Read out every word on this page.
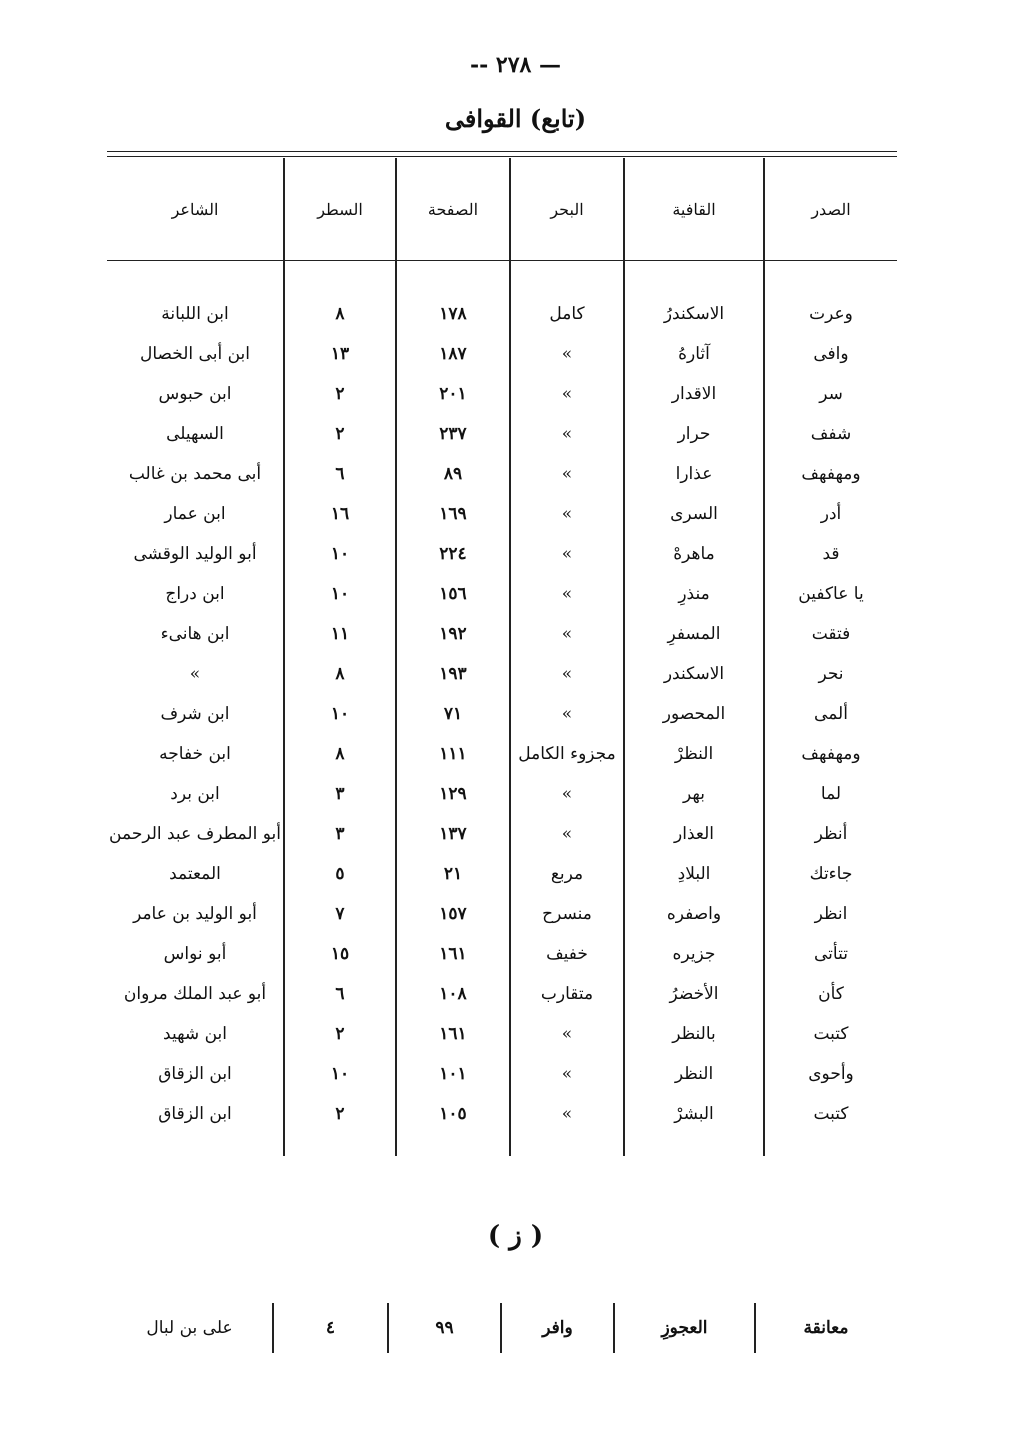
— ٢٧٨ --
(تابع) القوافى
الصدر
القافية
البحر
الصفحة
السطر
الشاعر
وعرت
الاسكندرُ
كامل
١٧٨
٨
ابن اللبانة
وافى
آثارهُ
»
١٨٧
١٣
ابن أبى الخصال
سر
الاقدار
»
٢٠١
٢
ابن حبوس
شفف
حرار
»
٢٣٧
٢
السهيلى
ومهفهف
عذارا
»
٨٩
٦
أبى محمد بن غالب
أدر
السرى
»
١٦٩
١٦
ابن عمار
قد
ماهرهْ
»
٢٢٤
١٠
أبو الوليد الوقشى
يا عاكفين
منذرِ
»
١٥٦
١٠
ابن دراج
فتقت
المسفرِ
»
١٩٢
١١
ابن هانىء
نحر
الاسكندر
»
١٩٣
٨
»
ألمى
المحصور
»
٧١
١٠
ابن شرف
ومهفهف
النظرْ
مجزوء الكامل
١١١
٨
ابن خفاجه
لما
بهر
»
١٢٩
٣
ابن برد
أنظر
العذار
»
١٣٧
٣
أبو المطرف عبد الرحمن
جاءتك
البلادِ
مربع
٢١
٥
المعتمد
انظر
واصفره
منسرح
١٥٧
٧
أبو الوليد بن عامر
تتأتى
جزيره
خفيف
١٦١
١٥
أبو نواس
كأن
الأخضرُ
متقارب
١٠٨
٦
أبو عبد الملك مروان
كتبت
بالنظر
»
١٦١
٢
ابن شهيد
وأحوى
النظر
»
١٠١
١٠
ابن الزقاق
كتبت
البشرْ
»
١٠٥
٢
ابن الزقاق
( ز )
معانقة
العجوزِ
وافر
٩٩
٤
على بن لبال
